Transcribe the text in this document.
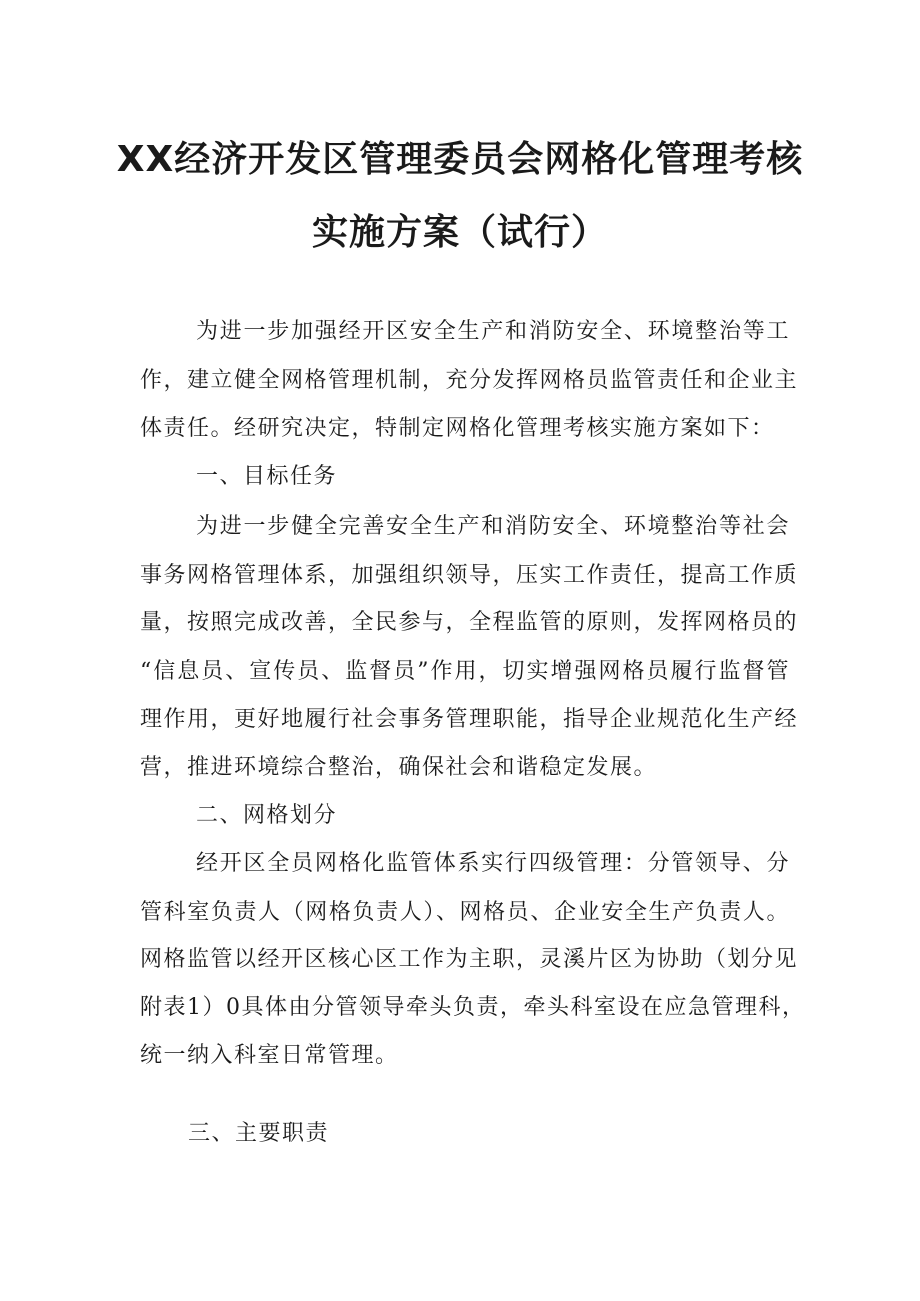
XX经济开发区管理委员会网格化管理考核
实施方案（试行）
为进一步加强经开区安全生产和消防安全、环境整治等工
作，建立健全网格管理机制，充分发挥网格员监管责任和企业主
体责任。经研究决定，特制定网格化管理考核实施方案如下：
一、目标任务
为进一步健全完善安全生产和消防安全、环境整治等社会
事务网格管理体系，加强组织领导，压实工作责任，提高工作质
量，按照完成改善，全民参与，全程监管的原则，发挥网格员的
“信息员、宣传员、监督员”作用，切实增强网格员履行监督管
理作用，更好地履行社会事务管理职能，指导企业规范化生产经
营，推进环境综合整治，确保社会和谐稳定发展。
二、网格划分
经开区全员网格化监管体系实行四级管理：分管领导、分
管科室负责人（网格负责人）、网格员、企业安全生产负责人。
网格监管以经开区核心区工作为主职，灵溪片区为协助（划分见
附表1）0具体由分管领导牵头负责，牵头科室设在应急管理科，
统一纳入科室日常管理。
三、主要职责
